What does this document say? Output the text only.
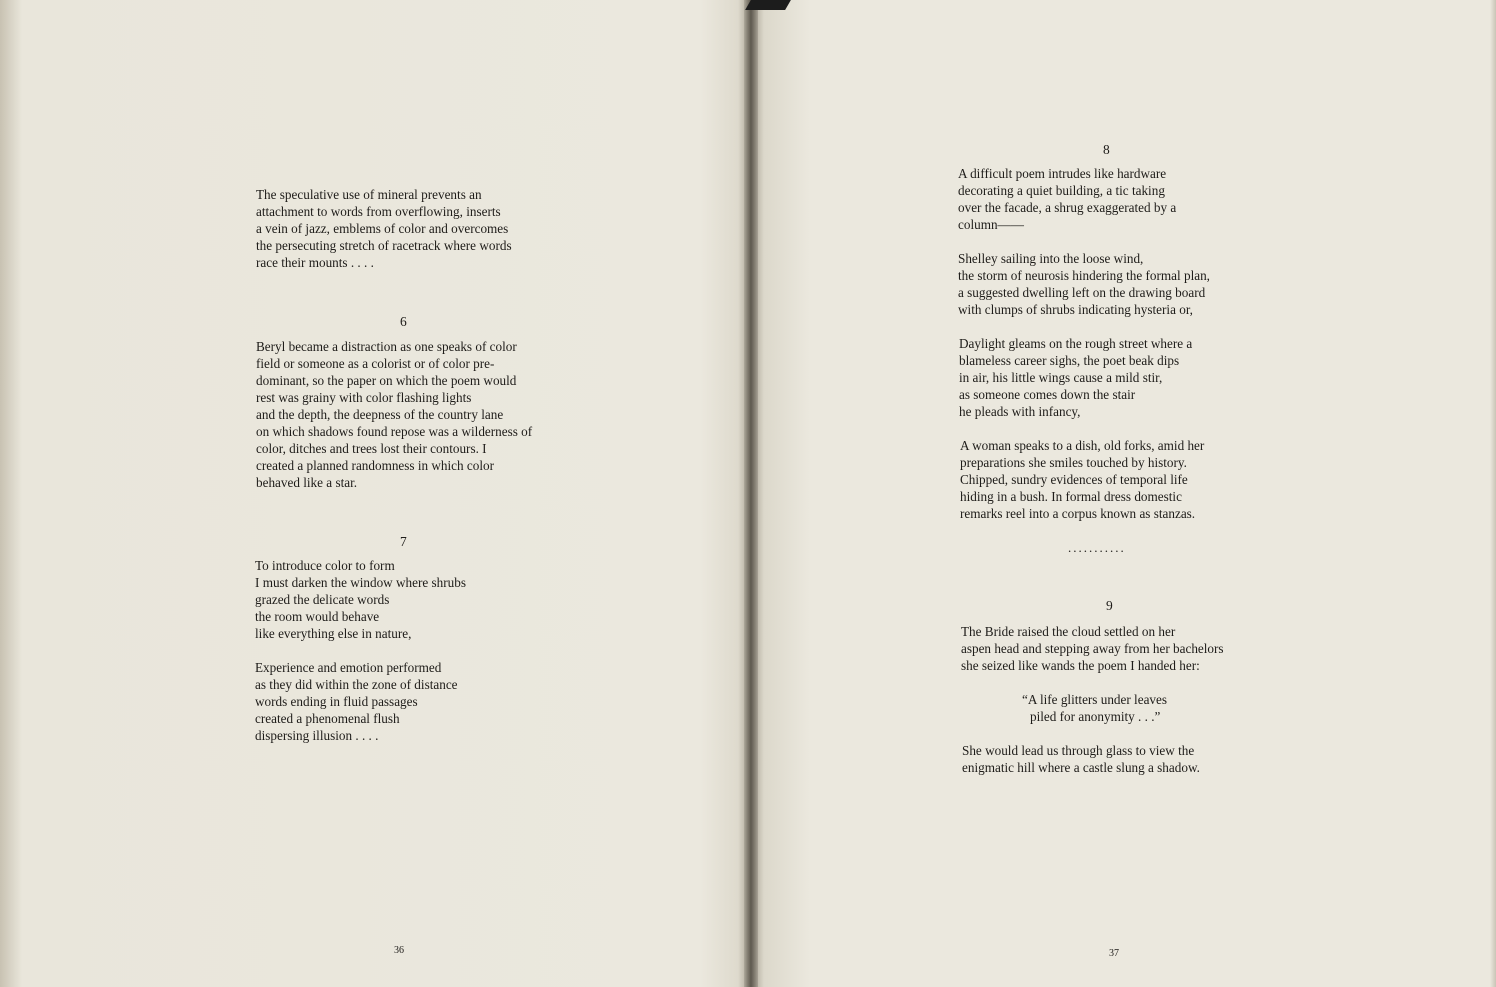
The speculative use of mineral prevents an
attachment to words from overflowing, inserts
a vein of jazz, emblems of color and overcomes
the persecuting stretch of racetrack where words
race their mounts . . . .
6
Beryl became a distraction as one speaks of color
field or someone as a colorist or of color pre-
dominant, so the paper on which the poem would
rest was grainy with color flashing lights
and the depth, the deepness of the country lane
on which shadows found repose was a wilderness of
color, ditches and trees lost their contours. I
created a planned randomness in which color
behaved like a star.
7
To introduce color to form
I must darken the window where shrubs
grazed the delicate words
the room would behave
like everything else in nature,
Experience and emotion performed
as they did within the zone of distance
words ending in fluid passages
created a phenomenal flush
dispersing illusion . . . .
36
8
A difficult poem intrudes like hardware
decorating a quiet building, a tic taking
over the facade, a shrug exaggerated by a
column——
Shelley sailing into the loose wind,
the storm of neurosis hindering the formal plan,
a suggested dwelling left on the drawing board
with clumps of shrubs indicating hysteria or,
Daylight gleams on the rough street where a
blameless career sighs, the poet beak dips
in air, his little wings cause a mild stir,
as someone comes down the stair
he pleads with infancy,
A woman speaks to a dish, old forks, amid her
preparations she smiles touched by history.
Chipped, sundry evidences of temporal life
hiding in a bush. In formal dress domestic
remarks reel into a corpus known as stanzas.
...........
9
The Bride raised the cloud settled on her
aspen head and stepping away from her bachelors
she seized like wands the poem I handed her:
“A life glitters under leaves
piled for anonymity . . .”
She would lead us through glass to view the
enigmatic hill where a castle slung a shadow.
37
